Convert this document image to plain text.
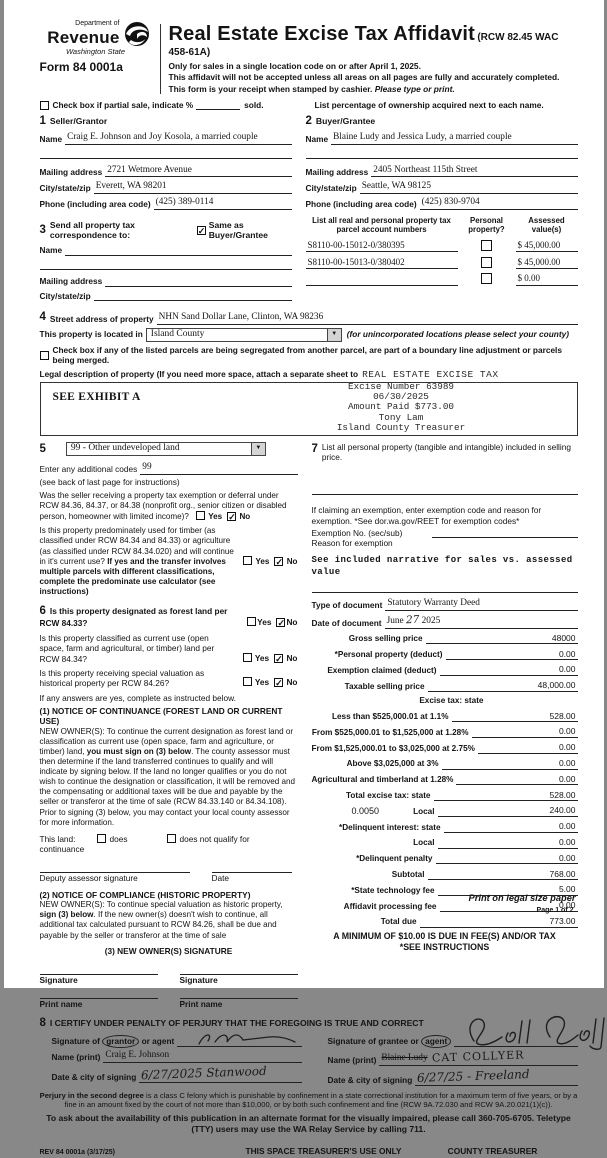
Department of
Revenue
Washington State
Form 84 0001a
Real Estate Excise Tax Affidavit (RCW 82.45 WAC 458-61A)
Only for sales in a single location code on or after April 1, 2025.
This affidavit will not be accepted unless all areas on all pages are fully and accurately completed.
This form is your receipt when stamped by cashier. Please type or print.
Check box if partial sale, indicate %	sold.	List percentage of ownership acquired next to each name.
1 Seller/Grantor
Name Craig E. Johnson and Joy Kosola, a married couple
Mailing address 2721 Wetmore Avenue
City/state/zip Everett, WA 98201
Phone (including area code) (425) 389-0114
3 Send all property tax correspondence to:	✓
Same as Buyer/Grantee
Name
Mailing address
City/state/zip
2 Buyer/Grantee
Name Blaine Ludy and Jessica Ludy, a married couple
Mailing address 2405 Northeast 115th Street
City/state/zip Seattle, WA 98125
Phone (including area code) (425) 830-9704
List all real and personal property tax parcel account numbers
Personal property?
Assessed value(s)
S8110-00-15012-0/380395	$ 45,000.00
S8110-00-15013-0/380402	$ 45,000.00
$ 0.00
4 Street address of property NHN Sand Dollar Lane, Clinton, WA 98236
This property is located in Island County	▼	(for unincorporated locations please select your county)
Check box if any of the listed parcels are being segregated from another parcel, are part of a boundary line adjustment or parcels being merged.
Legal description of property (If you need more space, attach a separate sheet to REAL ESTATE EXCISE TAX
SEE EXHIBIT A
Excise Number 63989
06/30/2025
Amount Paid $773.00
Tony Lam
Island County Treasurer
5	99 - Other undeveloped land	▼
Enter any additional codes 99
(see back of last page for instructions)
Was the seller receiving a property tax exemption or deferral under RCW 84.36, 84.37, or 84.38 (nonprofit org., senior citizen or disabled person, homeowner with limited income)? Yes ✓ No
Is this property predominately used for timber (as classified under RCW 84.34 and 84.33) or agriculture (as classified under RCW 84.34.020) and will continue in it's current use? If yes and the transfer involves multiple parcels with different classifications, complete the predominate use calculator (see instructions)
Yes ✓ No
6 Is this property designated as forest land per RCW 84.33?	Yes ✓No
Is this property classified as current use (open space, farm and agricultural, or timber) land per RCW 84.34?	Yes ✓ No
Is this property receiving special valuation as historical property per RCW 84.26?	Yes ✓ No
If any answers are yes, complete as instructed below.
(1) NOTICE OF CONTINUANCE (FOREST LAND OR CURRENT USE)
NEW OWNER(S): To continue the current designation as forest land or classification as current use (open space, farm and agriculture, or timber) land, you must sign on (3) below. The county assessor must then determine if the land transferred continues to qualify and will indicate by signing below. If the land no longer qualifies or you do not wish to continue the designation or classification, it will be removed and the compensating or additional taxes will be due and payable by the seller or transferor at the time of sale (RCW 84.33.140 or 84.34.108). Prior to signing (3) below, you may contact your local county assessor for more information.
This land:	does	does not qualify for
continuance
Deputy assessor signature	Date
(2) NOTICE OF COMPLIANCE (HISTORIC PROPERTY)
NEW OWNER(S): To continue special valuation as historic property, sign (3) below. If the new owner(s) doesn't wish to continue, all additional tax calculated pursuant to RCW 84.26, shall be due and payable by the seller or transferor at the time of sale
(3) NEW OWNER(S) SIGNATURE
Signature	Signature
Print name	Print name
7 List all personal property (tangible and intangible) included in selling price.
If claiming an exemption, enter exemption code and reason for exemption. *See dor.wa.gov/REET for exemption codes*
Exemption No. (sec/sub)
Reason for exemption
See included narrative for sales vs. assessed value
Type of document Statutory Warranty Deed
Date of document June 27 2025
Gross selling price	48000
*Personal property (deduct)	0.00
Exemption claimed (deduct)	0.00
Taxable selling price	48,000.00
Excise tax: state
Less than $525,000.01 at 1.1%	528.00
From $525,000.01 to $1,525,000 at 1.28%	0.00
From $1,525,000.01 to $3,025,000 at 2.75%	0.00
Above $3,025,000 at 3%	0.00
Agricultural and timberland at 1.28%	0.00
Total excise tax: state	528.00
0.0050	Local	240.00
*Delinquent interest: state	0.00
Local	0.00
*Delinquent penalty	0.00
Subtotal	768.00
*State technology fee	5.00
Affidavit processing fee	0.00
Total due	773.00
A MINIMUM OF $10.00 IS DUE IN FEE(S) AND/OR TAX
*SEE INSTRUCTIONS
8 I CERTIFY UNDER PENALTY OF PERJURY THAT THE FOREGOING IS TRUE AND CORRECT
Signature of grantor or agent
Name (print) Craig E. Johnson
Date & city of signing 6/27/2025 Stanwood
Signature of grantee or agent
Name (print) Blaine Ludy CAT COLLYER
Date & city of signing 6/27/25 - Freeland
Perjury in the second degree is a class C felony which is punishable by confinement in a state correctional institution for a maximum term of five years, or by a fine in an amount fixed by the court of not more than $10,000, or by both such confinement and fine (RCW 9A.72.030 and RCW 9A.20.021(1)(c)).
To ask about the availability of this publication in an alternate format for the visually impaired, please call 360-705-6705. Teletype
(TTY) users may use the WA Relay Service by calling 711.
REV 84 0001a (3/17/25)	THIS SPACE TREASURER'S USE ONLY	COUNTY TREASURER
Print on legal size paper
Page 1 of 2
